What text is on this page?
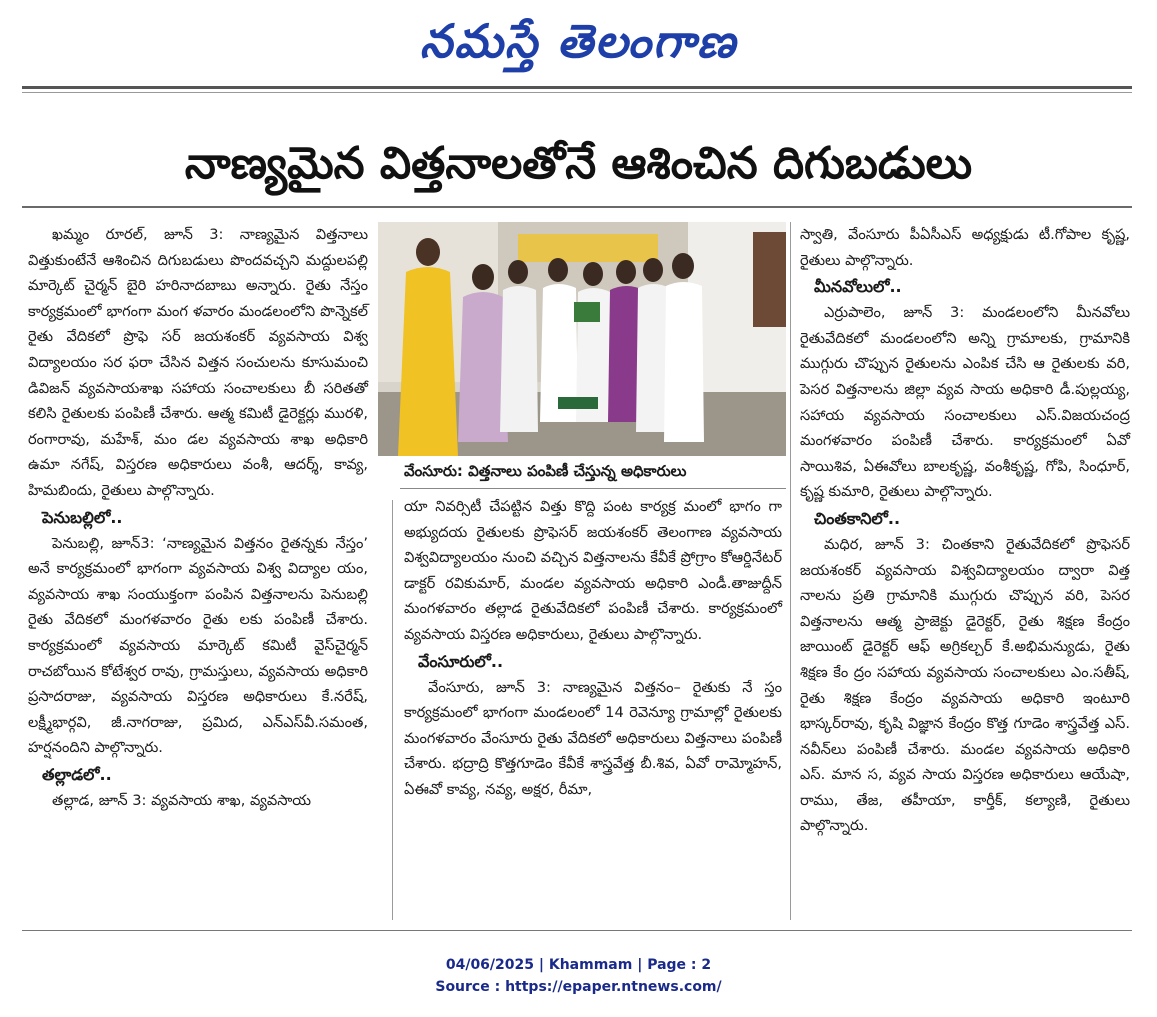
నమస్తే తెలంగాణ
నాణ్యమైన విత్తనాలతోనే ఆశించిన దిగుబడులు

ఖమ్మం రూరల్, జూన్ 3: నాణ్యమైన విత్తనాలు విత్తుకుంటేనే ఆశించిన దిగుబడులు పొందవచ్చని మద్దులపల్లి మార్కెట్ చైర్మన్ బైరి హరినాదబాబు అన్నారు. రైతు నేస్తం కార్యక్రమంలో భాగంగా మంగ ళవారం మండలంలోని పొన్నెకల్ రైతు వేదికలో ప్రొఫె సర్ జయశంకర్ వ్యవసాయ విశ్వ విద్యాలయం సర ఫరా చేసిన విత్తన సంచులను కూసుమంచి డివిజన్ వ్యవసాయశాఖ సహాయ సంచాలకులు బీ సరితతో కలిసి రైతులకు పంపిణీ చేశారు. ఆత్మ కమిటీ డైరెక్టర్లు మురళి, రంగారావు, మహేశ్, మం డల వ్యవసాయ శాఖ అధికారి ఉమా నగేష్, విస్తరణ అధికారులు వంశీ, ఆదర్శ్, కావ్య, హిమబిందు, రైతులు పాల్గొన్నారు.

పెనుబల్లిలో..

పెనుబల్లి, జూన్3: ‘నాణ్యమైన విత్తనం రైతన్నకు నేస్తం’ అనే కార్యక్రమంలో భాగంగా వ్యవసాయ విశ్వ విద్యాల యం, వ్యవసాయ శాఖ సంయుక్తంగా పంపిన విత్తనాలను పెనుబల్లి రైతు వేదికలో మంగళవారం రైతు లకు పంపిణీ చేశారు. కార్యక్రమంలో వ్యవసాయ మార్కెట్ కమిటీ వైస్‌చైర్మన్ రాచబోయిన కోటేశ్వర రావు, గ్రామస్తులు, వ్యవసాయ అధికారి ప్రసాదరాజు, వ్యవసాయ విస్తరణ అధికారులు కే.నరేష్, లక్ష్మీభార్గవి, జీ.నాగరాజు, ప్రమిద, ఎన్ఎస్‌వీ.సమంత, హర్షనందిని పాల్గొన్నారు.

తల్లాడలో..

తల్లాడ, జూన్ 3: వ్యవసాయ శాఖ, వ్యవసాయ

వేంసూరు: విత్తనాలు పంపిణీ చేస్తున్న అధికారులు

యా నివర్సిటీ చేపట్టిన విత్తు కొద్ది పంట కార్యక్ర మంలో భాగం గా అభ్యుదయ రైతులకు ప్రొఫెసర్ జయశంకర్ తెలంగాణ వ్యవసాయ విశ్వవిద్యాలయం నుంచి వచ్చిన విత్తనాలను కేవీకే ప్రోగ్రాం కోఆర్డినేటర్ డాక్టర్ రవికుమార్, మండల వ్యవసాయ అధికారి ఎండీ.తాజుద్దీన్ మంగళవారం తల్లాడ రైతువేదికలో పంపిణీ చేశారు. కార్యక్రమంలో వ్యవసాయ విస్తరణ అధికారులు, రైతులు పాల్గొన్నారు.

వేంసూరులో..

వేంసూరు, జూన్ 3: నాణ్యమైన విత్తనం– రైతుకు నే స్తం కార్యక్రమంలో భాగంగా మండలంలో 14 రెవెన్యూ గ్రామాల్లో రైతులకు మంగళవారం వేంసూరు రైతు వేదికలో అధికారులు విత్తనాలు పంపిణీ చేశారు. భద్రాద్రి కొత్తగూడెం కేవీకే శాస్త్రవేత్త బీ.శివ, ఏవో రామ్మోహన్, ఏఈవో కావ్య, నవ్య, అక్షర, రీమా,

స్వాతి, వేంసూరు పీఏసీఎస్ అధ్యక్షుడు టీ.గోపాల కృష్ణ, రైతులు పాల్గొన్నారు.

మీనవోలులో..

ఎర్రుపాలెం, జూన్ 3: మండలంలోని మీనవోలు రైతువేదికలో మండలంలోని అన్ని గ్రామాలకు, గ్రామానికి ముగ్గురు చొప్పున రైతులను ఎంపిక చేసి ఆ రైతులకు వరి, పెసర విత్తనాలను జిల్లా వ్యవ సాయ అధికారి డీ.పుల్లయ్య, సహాయ వ్యవసాయ సంచాలకులు ఎస్.విజయచంద్ర మంగళవారం పంపిణీ చేశారు. కార్యక్రమంలో ఏవో సాయిశివ, ఏఈవోలు బాలకృష్ణ, వంశీకృష్ణ, గోపి, సింధూర్, కృష్ణ కుమారి, రైతులు పాల్గొన్నారు.

చింతకానిలో..

మధిర, జూన్ 3: చింతకాని రైతువేదికలో ప్రొఫెసర్ జయశంకర్ వ్యవసాయ విశ్వవిద్యాలయం ద్వారా విత్త నాలను ప్రతి గ్రామానికి ముగ్గురు చొప్పున వరి, పెసర విత్తనాలను ఆత్మ ప్రాజెక్టు డైరెక్టర్, రైతు శిక్షణ కేంద్రం జాయింట్ డైరెక్టర్ ఆఫ్ అగ్రికల్చర్ కే.అభిమన్యుడు, రైతు శిక్షణ కేం ద్రం సహాయ వ్యవసాయ సంచాలకులు ఎం.సతీష్, రైతు శిక్షణ కేంద్రం వ్యవసాయ అధికారి ఇంటూరి భాస్కర్‌రావు, కృషి విజ్ఞాన కేంద్రం కొత్త గూడెం శాస్త్రవేత్త ఎస్. నవీన్‌లు పంపిణీ చేశారు. మండల వ్యవసాయ అధికారి ఎస్. మాన స, వ్యవ సాయ విస్తరణ అధికారులు ఆయేషా, రాము, తేజ, తహీయా, కార్తీక్, కల్యాణి, రైతులు పాల్గొన్నారు.

04/06/2025 | Khammam | Page : 2
Source : https://epaper.ntnews.com/
